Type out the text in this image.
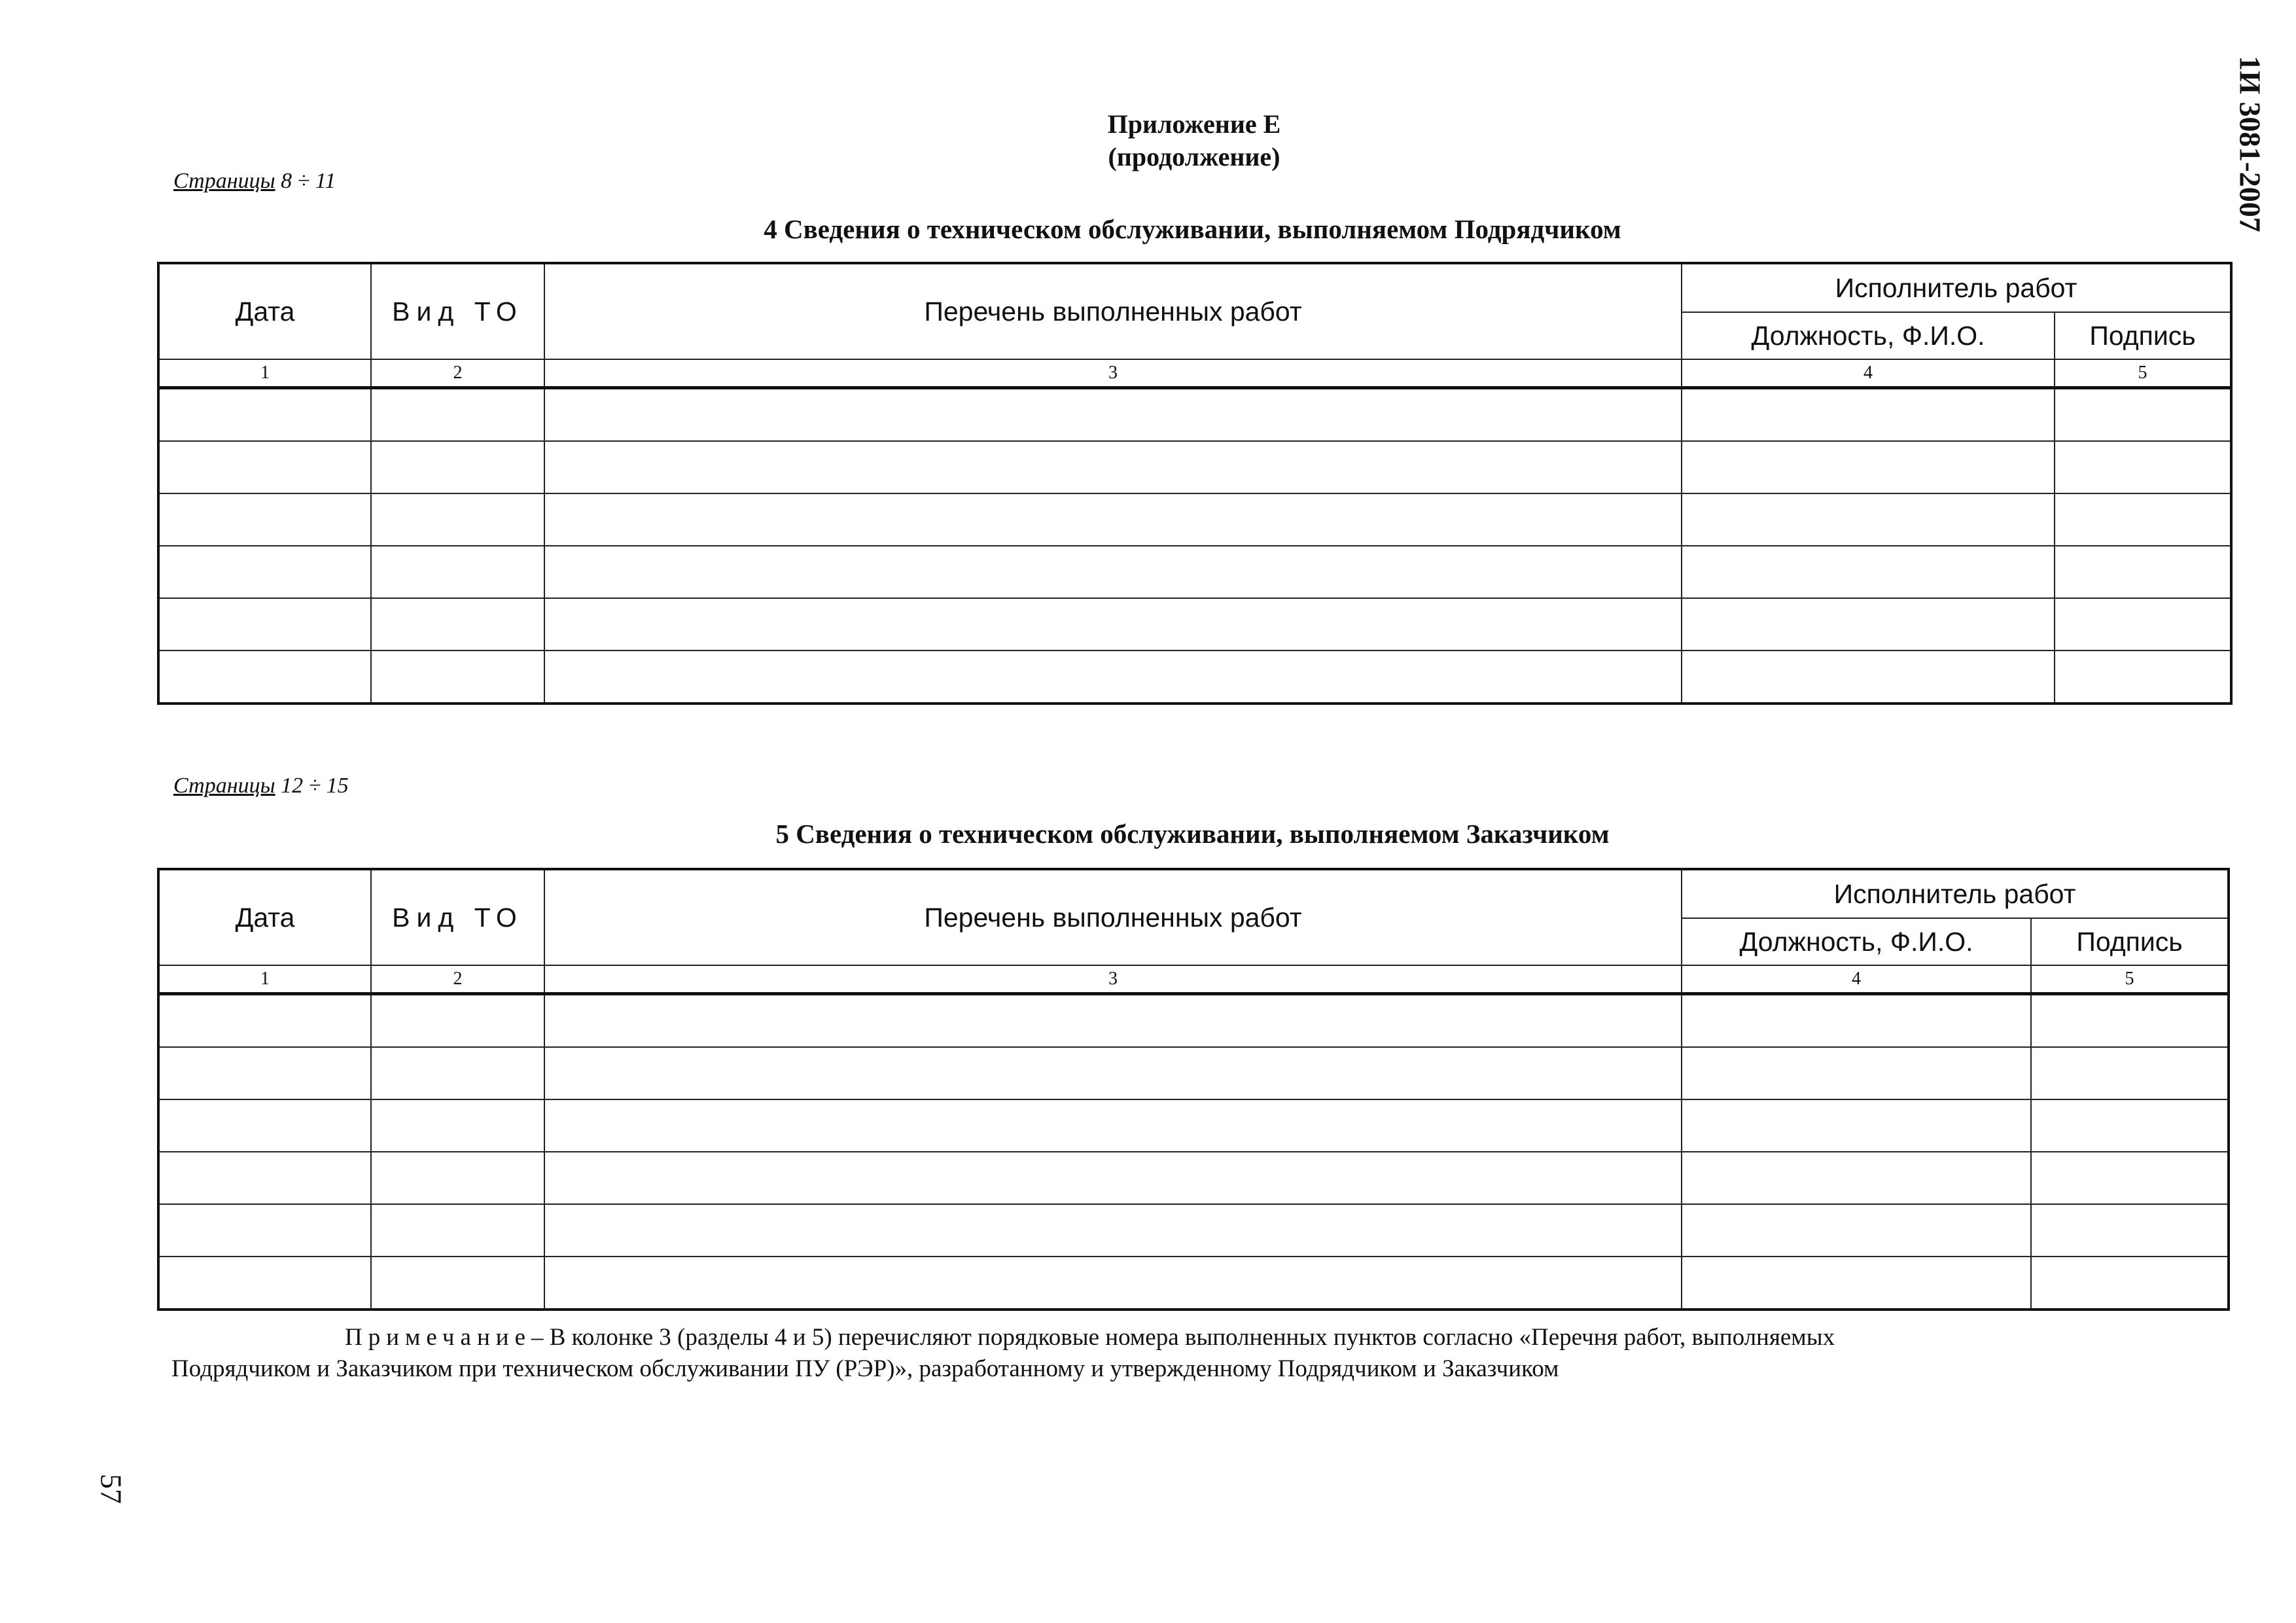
1И 3081-2007
57
Приложение Е
(продолжение)
Страницы 8 ÷ 11
4 Сведения о техническом обслуживании, выполняемом Подрядчиком
Дата	Вид ТО	Перечень выполненных работ	Исполнитель работ	
			Должность, Ф.И.О.	Подпись
1	2	3	4	5

Страницы 12 ÷ 15
5 Сведения о техническом обслуживании, выполняемом Заказчиком
Дата	Вид ТО	Перечень выполненных работ	Исполнитель работ	
			Должность, Ф.И.О.	Подпись
1	2	3	4	5

Примечание– В колонке 3 (разделы 4 и 5) перечисляют порядковые номера выполненных пунктов согласно «Перечня работ, выполняемых
Подрядчиком и Заказчиком при техническом обслуживании ПУ (РЭР)», разработанному и утвержденному Подрядчиком и Заказчиком
